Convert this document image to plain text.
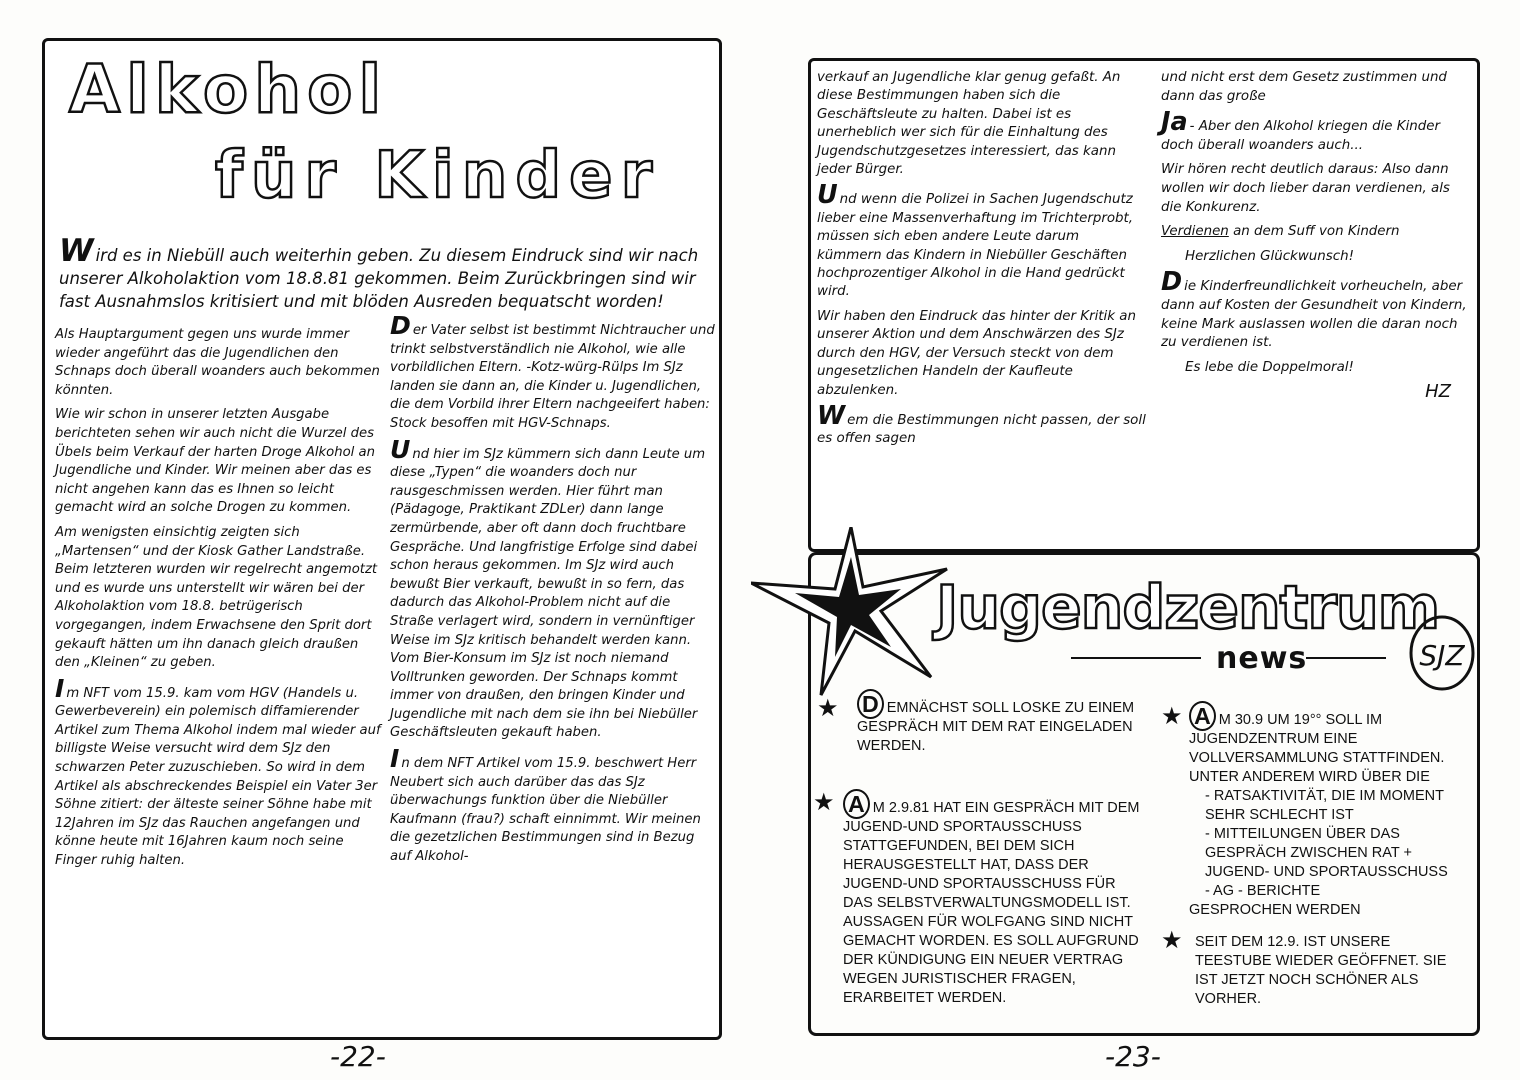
Alkohol
für Kinder

Wird es in Niebüll auch weiterhin geben. Zu diesem Eindruck sind wir nach unserer Alkoholaktion vom 18.8.81 gekommen. Beim Zurückbringen sind wir fast Ausnahmslos kritisiert und mit blöden Ausreden bequatscht worden!

Als Hauptargument gegen uns wurde immer wieder angeführt das die Jugendlichen den Schnaps doch überall woanders auch bekommen könnten.

Wie wir schon in unserer letzten Ausgabe berichteten sehen wir auch nicht die Wurzel des Übels beim Verkauf der harten Droge Alkohol an Jugendliche und Kinder. Wir meinen aber das es nicht angehen kann das es Ihnen so leicht gemacht wird an solche Drogen zu kommen.

Am wenigsten einsichtig zeigten sich „Martensen“ und der Kiosk Gather Landstraße. Beim letzteren wurden wir regelrecht angemotzt und es wurde uns unterstellt wir wären bei der Alkoholaktion vom 18.8. betrügerisch vorgegangen, indem Erwachsene den Sprit dort gekauft hätten um ihn danach gleich draußen den „Kleinen“ zu geben.

Im NFT vom 15.9. kam vom HGV (Handels u. Gewerbeverein) ein polemisch diffamierender Artikel zum Thema Alkohol indem mal wieder auf billigste Weise versucht wird dem SJz den schwarzen Peter zuzuschieben. So wird in dem Artikel als abschreckendes Beispiel ein Vater 3er Söhne zitiert: der älteste seiner Söhne habe mit 12Jahren im SJz das Rauchen angefangen und könne heute mit 16Jahren kaum noch seine Finger ruhig halten.

Der Vater selbst ist bestimmt Nichtraucher und trinkt selbstverständlich nie Alkohol, wie alle vorbildlichen Eltern. -Kotz-würg-Rülps Im SJz landen sie dann an, die Kinder u. Jugendlichen, die dem Vorbild ihrer Eltern nachgeeifert haben: Stock besoffen mit HGV-Schnaps.

Und hier im SJz kümmern sich dann Leute um diese „Typen“ die woanders doch nur rausgeschmissen werden. Hier führt man (Pädagoge, Praktikant ZDLer) dann lange zermürbende, aber oft dann doch fruchtbare Gespräche. Und langfristige Erfolge sind dabei schon heraus gekommen. Im SJz wird auch bewußt Bier verkauft, bewußt in so fern, das dadurch das Alkohol-Problem nicht auf die Straße verlagert wird, sondern in vernünftiger Weise im SJz kritisch behandelt werden kann. Vom Bier-Konsum im SJz ist noch niemand Volltrunken geworden. Der Schnaps kommt immer von draußen, den bringen Kinder und Jugendliche mit nach dem sie ihn bei Niebüller Geschäftsleuten gekauft haben.

In dem NFT Artikel vom 15.9. beschwert Herr Neubert sich auch darüber das das SJz überwachungs funktion über die Niebüller Kaufmann (frau?) schaft einnimmt. Wir meinen die gezetzlichen Bestimmungen sind in Bezug auf Alkohol-

-22-

verkauf an Jugendliche klar genug gefaßt. An diese Bestimmungen haben sich die Geschäftsleute zu halten. Dabei ist es unerheblich wer sich für die Einhaltung des Jugendschutzgesetzes interessiert, das kann jeder Bürger.

Und wenn die Polizei in Sachen Jugendschutz lieber eine Massenverhaftung im Trichterprobt, müssen sich eben andere Leute darum kümmern das Kindern in Niebüller Geschäften hochprozentiger Alkohol in die Hand gedrückt wird.

Wir haben den Eindruck das hinter der Kritik an unserer Aktion und dem Anschwärzen des SJz durch den HGV, der Versuch steckt von dem ungesetzlichen Handeln der Kaufleute abzulenken.

Wem die Bestimmungen nicht passen, der soll es offen sagen

und nicht erst dem Gesetz zustimmen und dann das große

Ja - Aber den Alkohol kriegen die Kinder doch überall woanders auch...

Wir hören recht deutlich daraus: Also dann wollen wir doch lieber daran verdienen, als die Konkurenz.

Verdienen an dem Suff von Kindern

Herzlichen Glückwunsch!

Die Kinderfreundlichkeit vorheucheln, aber dann auf Kosten der Gesundheit von Kindern, keine Mark auslassen wollen die daran noch zu verdienen ist.

Es lebe die Doppelmoral!

HZ

Jugendzentrum
news	SJZ
★ D EMNÄCHST SOLL LOSKE ZU EINEM GESPRÄCH MIT DEM RAT EINGELADEN WERDEN.
★ A M 2.9.81 HAT EIN GESPRÄCH MIT DEM JUGEND-UND SPORTAUSSCHUSS STATTGEFUNDEN, BEI DEM SICH HERAUSGESTELLT HAT, DASS DER JUGEND-UND SPORTAUSSCHUSS FÜR DAS SELBSTVERWALTUNGSMODELL IST. AUSSAGEN FÜR WOLFGANG SIND NICHT GEMACHT WORDEN. ES SOLL AUFGRUND DER KÜNDIGUNG EIN NEUER VERTRAG WEGEN JURISTISCHER FRAGEN, ERARBEITET WERDEN.
★ A M 30.9 UM 19°° SOLL IM JUGENDZENTRUM EINE VOLLVERSAMMLUNG STATTFINDEN. UNTER ANDEREM WIRD ÜBER DIE
- RATSAKTIVITÄT, DIE IM MOMENT SEHR SCHLECHT IST
- MITTEILUNGEN ÜBER DAS GESPRÄCH ZWISCHEN RAT + JUGEND- UND SPORTAUSSCHUSS
- AG - BERICHTE
GESPROCHEN WERDEN
★ SEIT DEM 12.9. IST UNSERE TEESTUBE WIEDER GEÖFFNET. SIE IST JETZT NOCH SCHÖNER ALS VORHER.
-23-
